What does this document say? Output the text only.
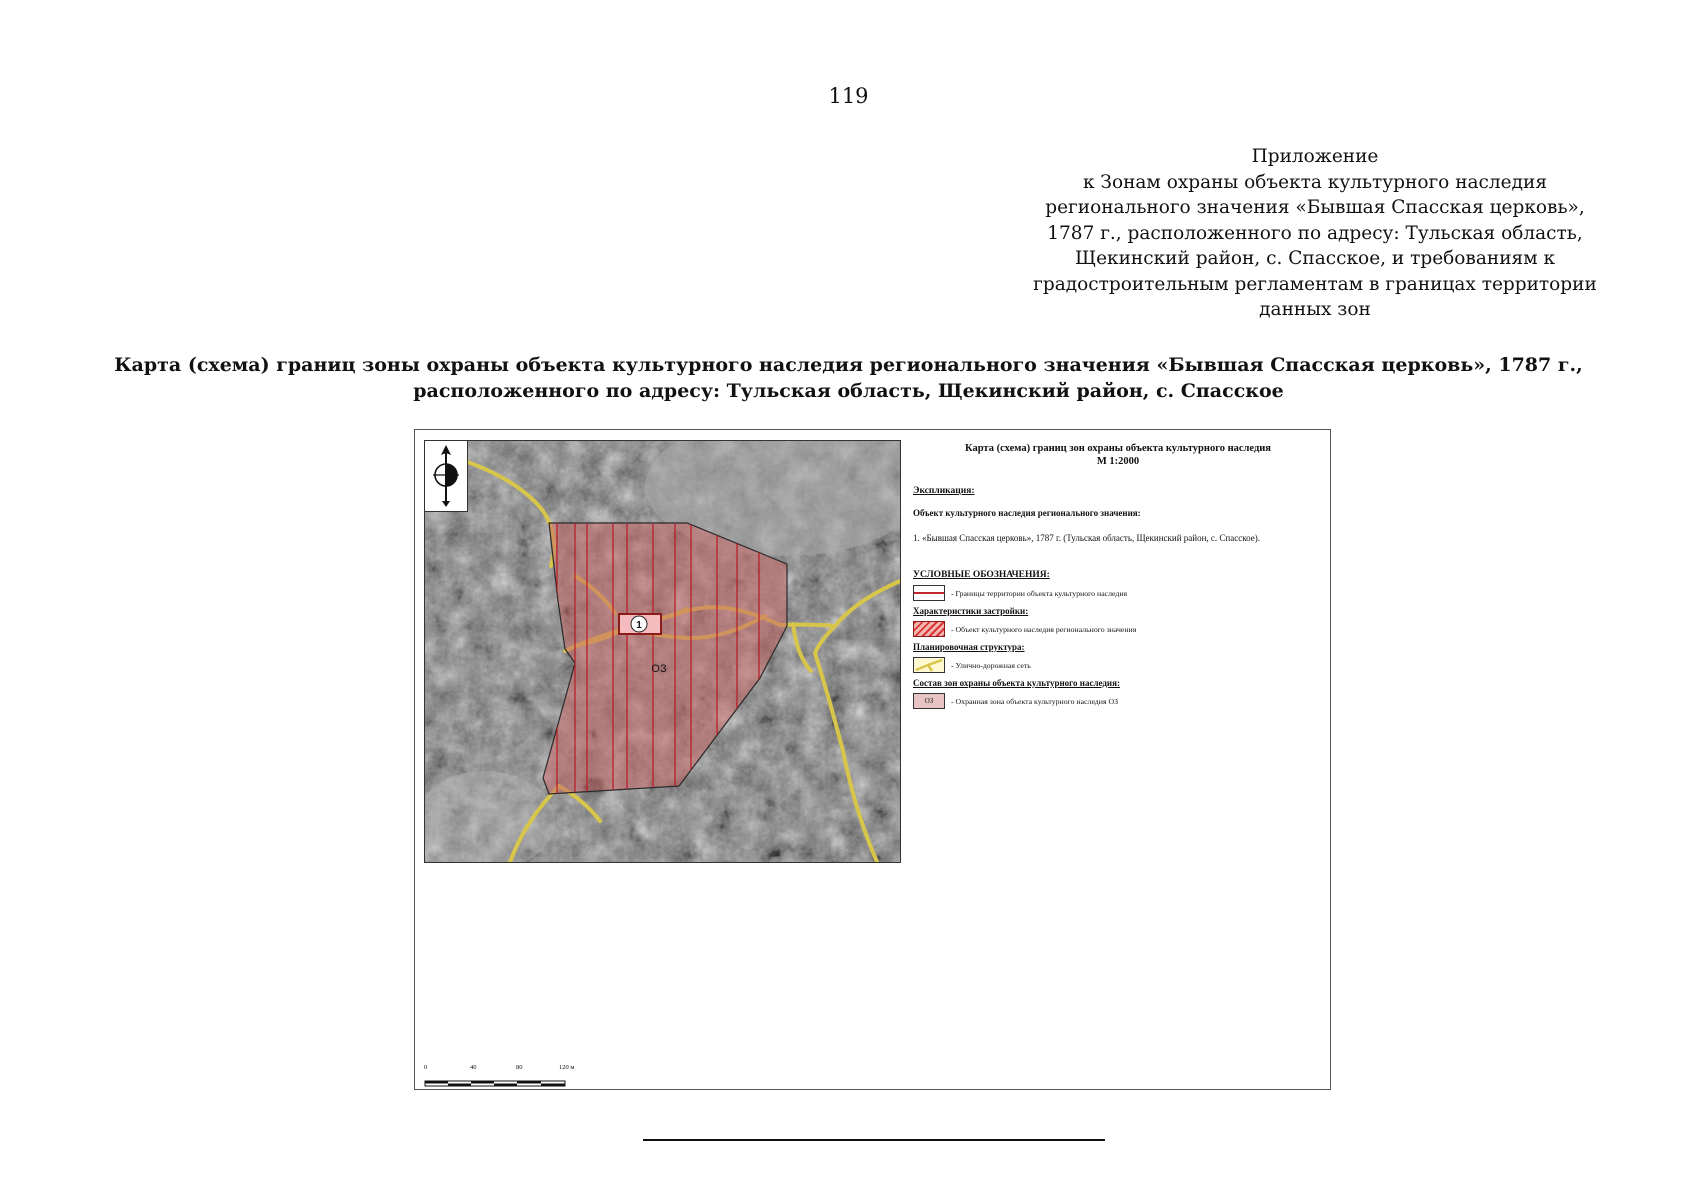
119
Приложение
к Зонам охраны объекта культурного наследия
регионального значения «Бывшая Спасская церковь»,
1787 г., расположенного по адресу: Тульская область,
Щекинский район, с. Спасское, и требованиям к
градостроительным регламентам в границах территории
данных зон
Карта (схема) границ зоны охраны объекта культурного наследия регионального значения «Бывшая Спасская церковь», 1787 г.,
расположенного по адресу: Тульская область, Щекинский район, с. Спасское
1
ОЗ
Карта (схема) границ зон охраны объекта культурного наследия
М 1:2000
Экспликация:
Объект культурного наследия регионального значения:
1. «Бывшая Спасская церковь», 1787 г. (Тульская область, Щекинский район, с. Спасское).
УСЛОВНЫЕ ОБОЗНАЧЕНИЯ:
- Границы территории объекта культурного наследия
Характеристики застройки:
- Объект культурного наследия регионального значения
Планировочная структура:
- Улично-дорожная сеть
Состав зон охраны объекта культурного наследия:
ОЗ	- Охранная зона объекта культурного наследия ОЗ
0	40	80	120 м
